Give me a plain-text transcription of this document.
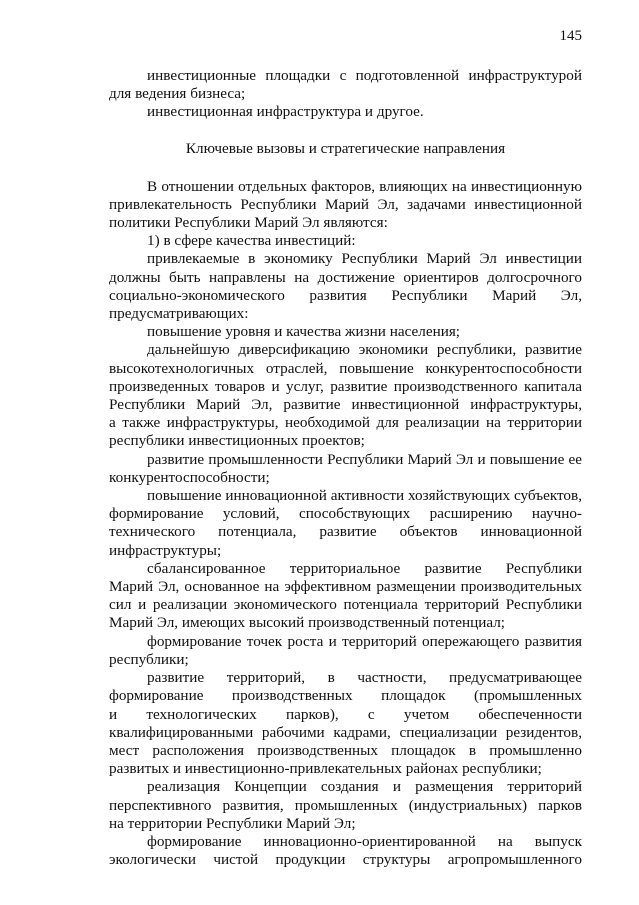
145
инвестиционные площадки с подготовленной инфраструктурой
для ведения бизнеса;
инвестиционная инфраструктура и другое.
Ключевые вызовы и стратегические направления
В отношении отдельных факторов, влияющих на инвестиционную
привлекательность Республики Марий Эл, задачами инвестиционной
политики Республики Марий Эл являются:
1) в сфере качества инвестиций:
привлекаемые в экономику Республики Марий Эл инвестиции
должны быть направлены на достижение ориентиров долгосрочного
социально-экономического развития Республики Марий Эл,
предусматривающих:
повышение уровня и качества жизни населения;
дальнейшую диверсификацию экономики республики, развитие
высокотехнологичных отраслей, повышение конкурентоспособности
произведенных товаров и услуг, развитие производственного капитала
Республики Марий Эл, развитие инвестиционной инфраструктуры,
а также инфраструктуры, необходимой для реализации на территории
республики инвестиционных проектов;
развитие промышленности Республики Марий Эл и повышение ее
конкурентоспособности;
повышение инновационной активности хозяйствующих субъектов,
формирование условий, способствующих расширению научно-
технического потенциала, развитие объектов инновационной
инфраструктуры;
сбалансированное территориальное развитие Республики
Марий Эл, основанное на эффективном размещении производительных
сил и реализации экономического потенциала территорий Республики
Марий Эл, имеющих высокий производственный потенциал;
формирование точек роста и территорий опережающего развития
республики;
развитие территорий, в частности, предусматривающее
формирование производственных площадок (промышленных
и технологических парков), с учетом обеспеченности
квалифицированными рабочими кадрами, специализации резидентов,
мест расположения производственных площадок в промышленно
развитых и инвестиционно-привлекательных районах республики;
реализация Концепции создания и размещения территорий
перспективного развития, промышленных (индустриальных) парков
на территории Республики Марий Эл;
формирование инновационно-ориентированной на выпуск
экологически чистой продукции структуры агропромышленного
